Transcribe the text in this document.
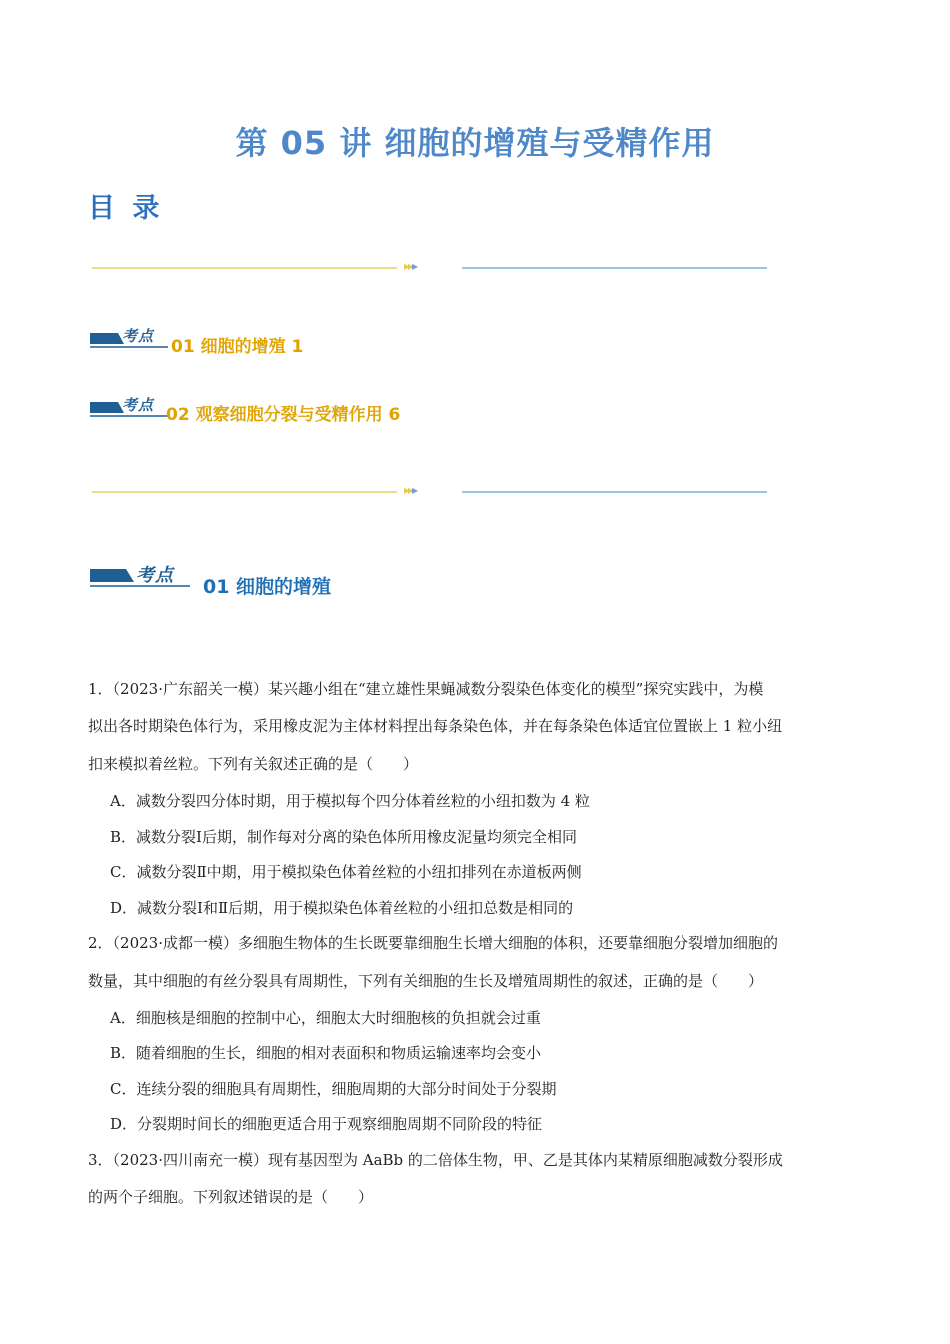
第 05 讲 细胞的增殖与受精作用
目 录
▸▸▸
考点
01 细胞的增殖 1
考点 02 观察细胞分裂与受精作用 6
▸▸▸
考点
01 细胞的增殖
1．（2023·广东韶关一模）某兴趣小组在“建立雄性果蝇减数分裂染色体变化的模型”探究实践中，为模
拟出各时期染色体行为，采用橡皮泥为主体材料捏出每条染色体，并在每条染色体适宜位置嵌上 1 粒小纽
扣来模拟着丝粒。下列有关叙述正确的是（　　）
A．减数分裂四分体时期，用于模拟每个四分体着丝粒的小纽扣数为 4 粒
B．减数分裂Ⅰ后期，制作每对分离的染色体所用橡皮泥量均须完全相同
C．减数分裂Ⅱ中期，用于模拟染色体着丝粒的小纽扣排列在赤道板两侧
D．减数分裂Ⅰ和Ⅱ后期，用于模拟染色体着丝粒的小纽扣总数是相同的
2．（2023·成都一模）多细胞生物体的生长既要靠细胞生长增大细胞的体积，还要靠细胞分裂增加细胞的
数量，其中细胞的有丝分裂具有周期性，下列有关细胞的生长及增殖周期性的叙述，正确的是（　　）
A．细胞核是细胞的控制中心，细胞太大时细胞核的负担就会过重
B．随着细胞的生长，细胞的相对表面积和物质运输速率均会变小
C．连续分裂的细胞具有周期性，细胞周期的大部分时间处于分裂期
D．分裂期时间长的细胞更适合用于观察细胞周期不同阶段的特征
3．（2023·四川南充一模）现有基因型为 AaBb 的二倍体生物，甲、乙是其体内某精原细胞减数分裂形成
的两个子细胞。下列叙述错误的是（　　）
